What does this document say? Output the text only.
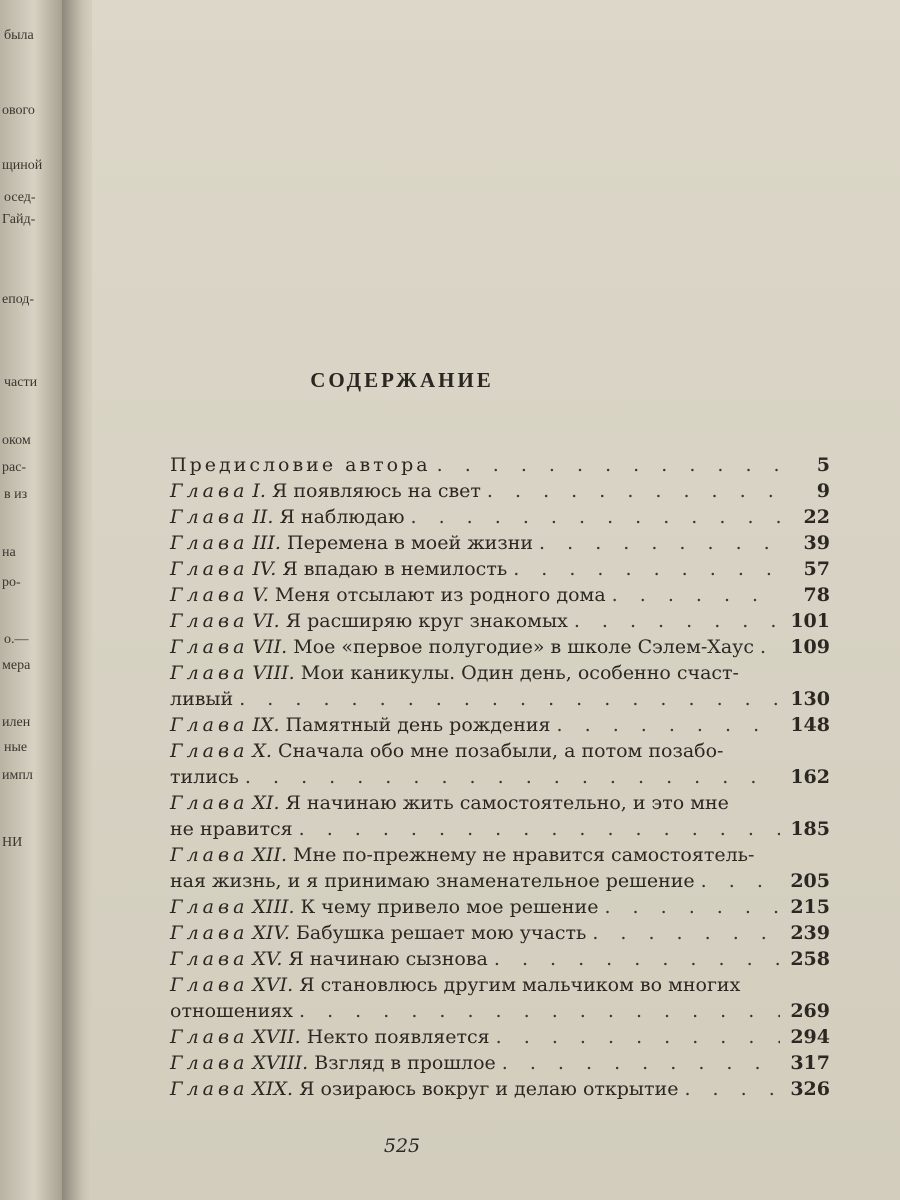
была
ового
щиной
осед-
Гайд-
епод-
части
оком
рас-
в из
на
ро-
о.—
мера
илен
ные
импл
НИ
СОДЕРЖАНИЕ
Предисловие автора . . .	5
Глава I. Я появляюсь на свет . . .	9
Глава II. Я наблюдаю . . .	22
Глава III. Перемена в моей жизни . . .	39
Глава IV. Я впадаю в немилость . . .	57
Глава V. Меня отсылают из родного дома . . .	78
Глава VI. Я расширяю круг знакомых . . .	101
Глава VII. Мое «первое полугодие» в школе Сэлем-Хаус . . . 109
Глава VIII. Мои каникулы. Один день, особенно счаст-
ливый . . .	130
Глава IX. Памятный день рождения . . .	148
Глава X. Сначала обо мне позабыли, а потом позабо-
тились . . .	162
Глава XI. Я начинаю жить самостоятельно, и это мне
не нравится . . .	185
Глава XII. Мне по-прежнему не нравится самостоятель-
ная жизнь, и я принимаю знаменательное решение . . .	205
Глава XIII. К чему привело мое решение . . .	215
Глава XIV. Бабушка решает мою участь . . .	239
Глава XV. Я начинаю сызнова . . .	258
Глава XVI. Я становлюсь другим мальчиком во многих
отношениях . . .	269
Глава XVII. Некто появляется . . .	294
Глава XVIII. Взгляд в прошлое . . .	317
Глава XIX. Я озираюсь вокруг и делаю открытие . . .	326
525
